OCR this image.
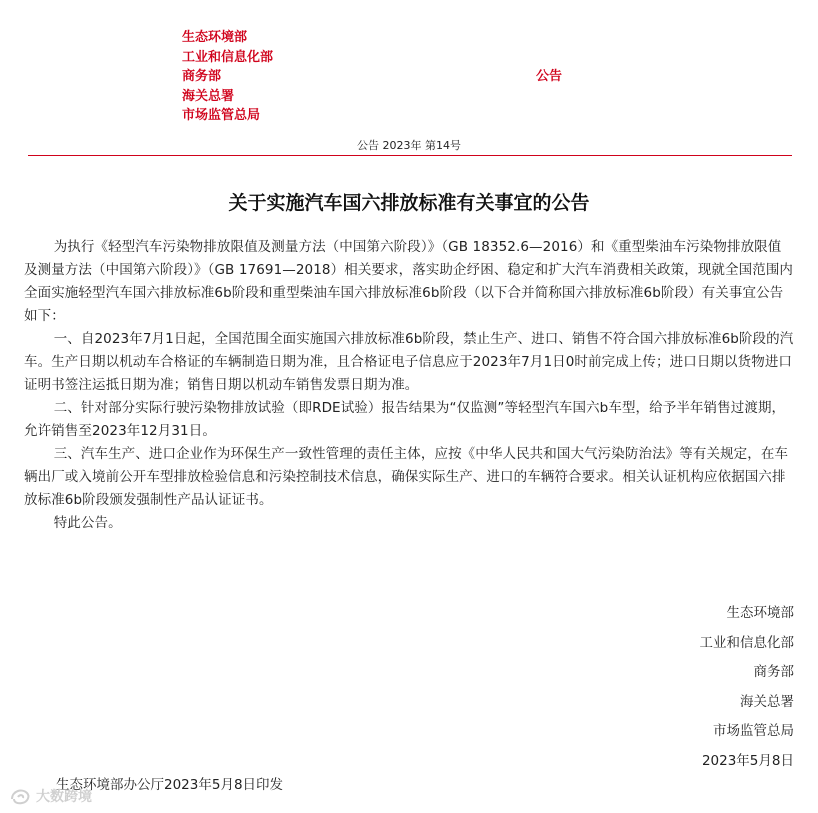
生态环境部
工业和信息化部
商务部
海关总署
市场监管总局
公告
公告 2023年 第14号
关于实施汽车国六排放标准有关事宜的公告

为执行《轻型汽车污染物排放限值及测量方法（中国第六阶段）》（GB 18352.6—2016）和《重型柴油车污染物排放限值及测量方法（中国第六阶段）》（GB 17691—2018）相关要求，落实助企纾困、稳定和扩大汽车消费相关政策，现就全国范围内全面实施轻型汽车国六排放标准6b阶段和重型柴油车国六排放标准6b阶段（以下合并简称国六排放标准6b阶段）有关事宜公告如下：

一、自2023年7月1日起，全国范围全面实施国六排放标准6b阶段，禁止生产、进口、销售不符合国六排放标准6b阶段的汽车。生产日期以机动车合格证的车辆制造日期为准，且合格证电子信息应于2023年7月1日0时前完成上传；进口日期以货物进口证明书签注运抵日期为准；销售日期以机动车销售发票日期为准。

二、针对部分实际行驶污染物排放试验（即RDE试验）报告结果为“仅监测”等轻型汽车国六b车型，给予半年销售过渡期，允许销售至2023年12月31日。

三、汽车生产、进口企业作为环保生产一致性管理的责任主体，应按《中华人民共和国大气污染防治法》等有关规定，在车辆出厂或入境前公开车型排放检验信息和污染控制技术信息，确保实际生产、进口的车辆符合要求。相关认证机构应依据国六排放标准6b阶段颁发强制性产品认证证书。

特此公告。

生态环境部
工业和信息化部
商务部
海关总署
市场监管总局
2023年5月8日
生态环境部办公厅2023年5月8日印发
大数跨境
